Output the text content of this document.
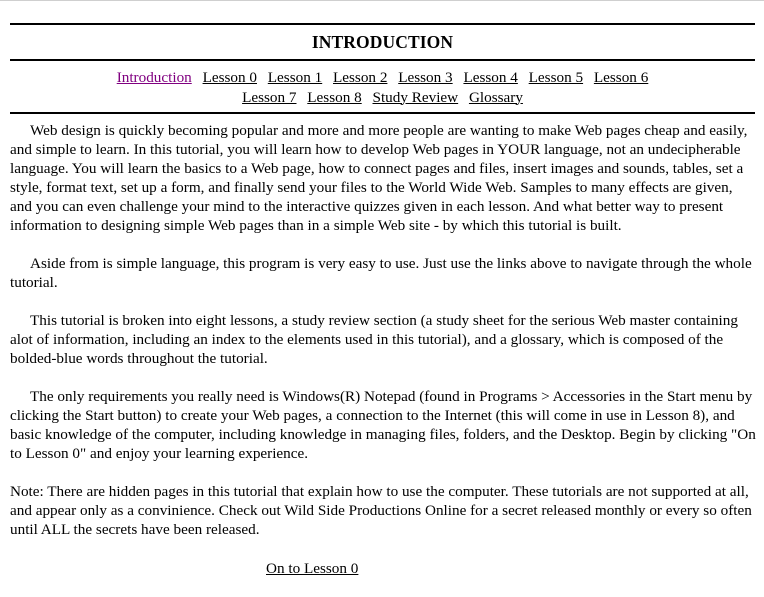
INTRODUCTION
Introduction Lesson 0 Lesson 1 Lesson 2 Lesson 3 Lesson 4 Lesson 5 Lesson 6
Lesson 7 Lesson 8 Study Review Glossary

Web design is quickly becoming popular and more and more people are wanting to make Web pages cheap and easily, and simple to learn. In this tutorial, you will learn how to develop Web pages in YOUR language, not an undecipherable language. You will learn the basics to a Web page, how to connect pages and files, insert images and sounds, tables, set a style, format text, set up a form, and finally send your files to the World Wide Web. Samples to many effects are given, and you can even challenge your mind to the interactive quizzes given in each lesson. And what better way to present information to designing simple Web pages than in a simple Web site - by which this tutorial is built.

Aside from is simple language, this program is very easy to use. Just use the links above to navigate through the whole tutorial.

This tutorial is broken into eight lessons, a study review section (a study sheet for the serious Web master containing alot of information, including an index to the elements used in this tutorial), and a glossary, which is composed of the bolded-blue words throughout the tutorial.

The only requirements you really need is Windows(R) Notepad (found in Programs > Accessories in the Start menu by clicking the Start button) to create your Web pages, a connection to the Internet (this will come in use in Lesson 8), and basic knowledge of the computer, including knowledge in managing files, folders, and the Desktop. Begin by clicking "On to Lesson 0" and enjoy your learning experience.

Note: There are hidden pages in this tutorial that explain how to use the computer. These tutorials are not supported at all, and appear only as a convinience. Check out Wild Side Productions Online for a secret released monthly or every so often until ALL the secrets have been released.

On to Lesson 0
